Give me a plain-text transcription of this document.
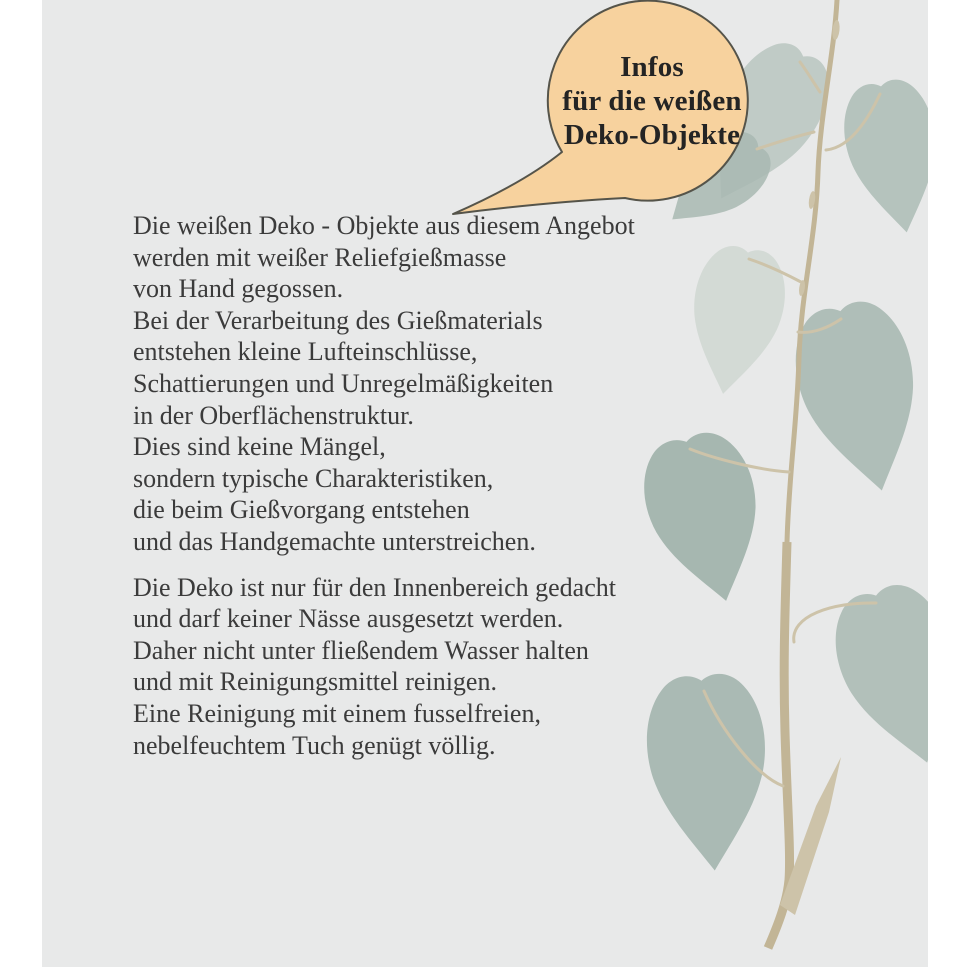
Infos
für die weißen
Deko-Objekte

Die weißen Deko - Objekte aus diesem Angebot
werden mit weißer Reliefgießmasse
von Hand gegossen.
Bei der Verarbeitung des Gießmaterials
entstehen kleine Lufteinschlüsse,
Schattierungen und Unregelmäßigkeiten
in der Oberflächenstruktur.
Dies sind keine Mängel,
sondern typische Charakteristiken,
die beim Gießvorgang entstehen
und das Handgemachte unterstreichen.

Die Deko ist nur für den Innenbereich gedacht
und darf keiner Nässe ausgesetzt werden.
Daher nicht unter fließendem Wasser halten
und mit Reinigungsmittel reinigen.
Eine Reinigung mit einem fusselfreien,
nebelfeuchtem Tuch genügt völlig.
